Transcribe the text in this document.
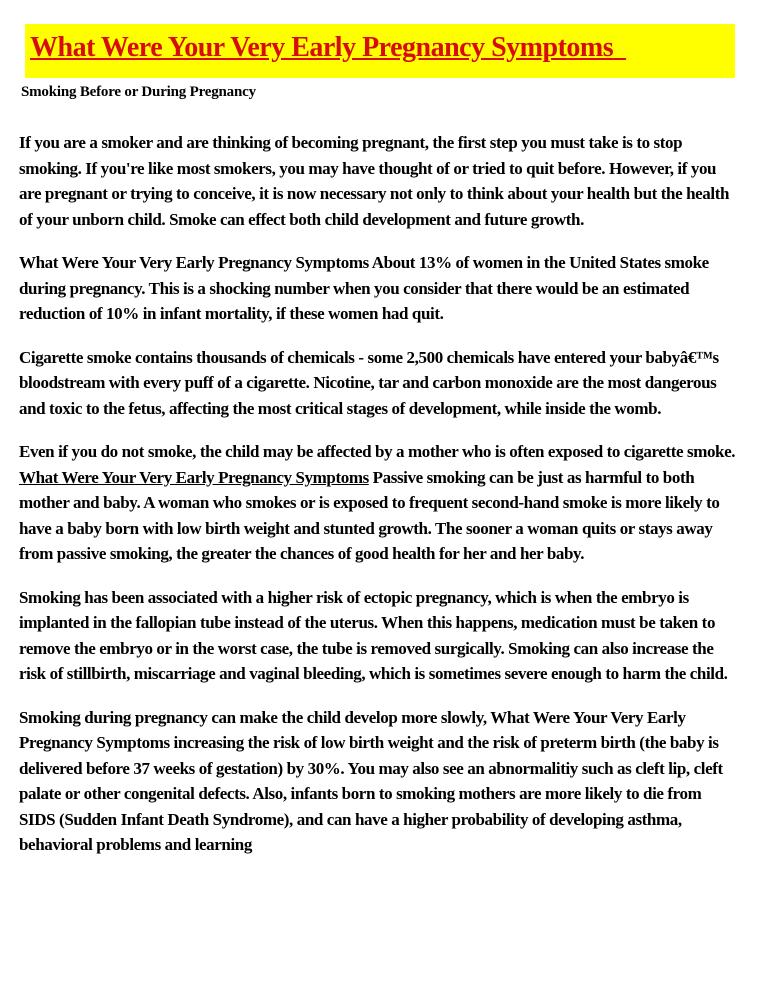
What Were Your Very Early Pregnancy Symptoms
Smoking Before or During Pregnancy

If you are a smoker and are thinking of becoming pregnant, the first step you must take is to stop smoking. If you're like most smokers, you may have thought of or tried to quit before. However, if you are pregnant or trying to conceive, it is now necessary not only to think about your health but the health of your unborn child. Smoke can effect both child development and future growth.

What Were Your Very Early Pregnancy Symptoms About 13% of women in the United States smoke during pregnancy. This is a shocking number when you consider that there would be an estimated reduction of 10% in infant mortality, if these women had quit.

Cigarette smoke contains thousands of chemicals - some 2,500 chemicals have entered your babyâ€™s bloodstream with every puff of a cigarette. Nicotine, tar and carbon monoxide are the most dangerous and toxic to the fetus, affecting the most critical stages of development, while inside the womb.

Even if you do not smoke, the child may be affected by a mother who is often exposed to cigarette smoke. What Were Your Very Early Pregnancy Symptoms Passive smoking can be just as harmful to both mother and baby. A woman who smokes or is exposed to frequent second-hand smoke is more likely to have a baby born with low birth weight and stunted growth. The sooner a woman quits or stays away from passive smoking, the greater the chances of good health for her and her baby.

Smoking has been associated with a higher risk of ectopic pregnancy, which is when the embryo is implanted in the fallopian tube instead of the uterus. When this happens, medication must be taken to remove the embryo or in the worst case, the tube is removed surgically. Smoking can also increase the risk of stillbirth, miscarriage and vaginal bleeding, which is sometimes severe enough to harm the child.

Smoking during pregnancy can make the child develop more slowly, What Were Your Very Early Pregnancy Symptoms increasing the risk of low birth weight and the risk of preterm birth (the baby is delivered before 37 weeks of gestation) by 30%. You may also see an abnormalitiy such as cleft lip, cleft palate or other congenital defects. Also, infants born to smoking mothers are more likely to die from SIDS (Sudden Infant Death Syndrome), and can have a higher probability of developing asthma, behavioral problems and learning
